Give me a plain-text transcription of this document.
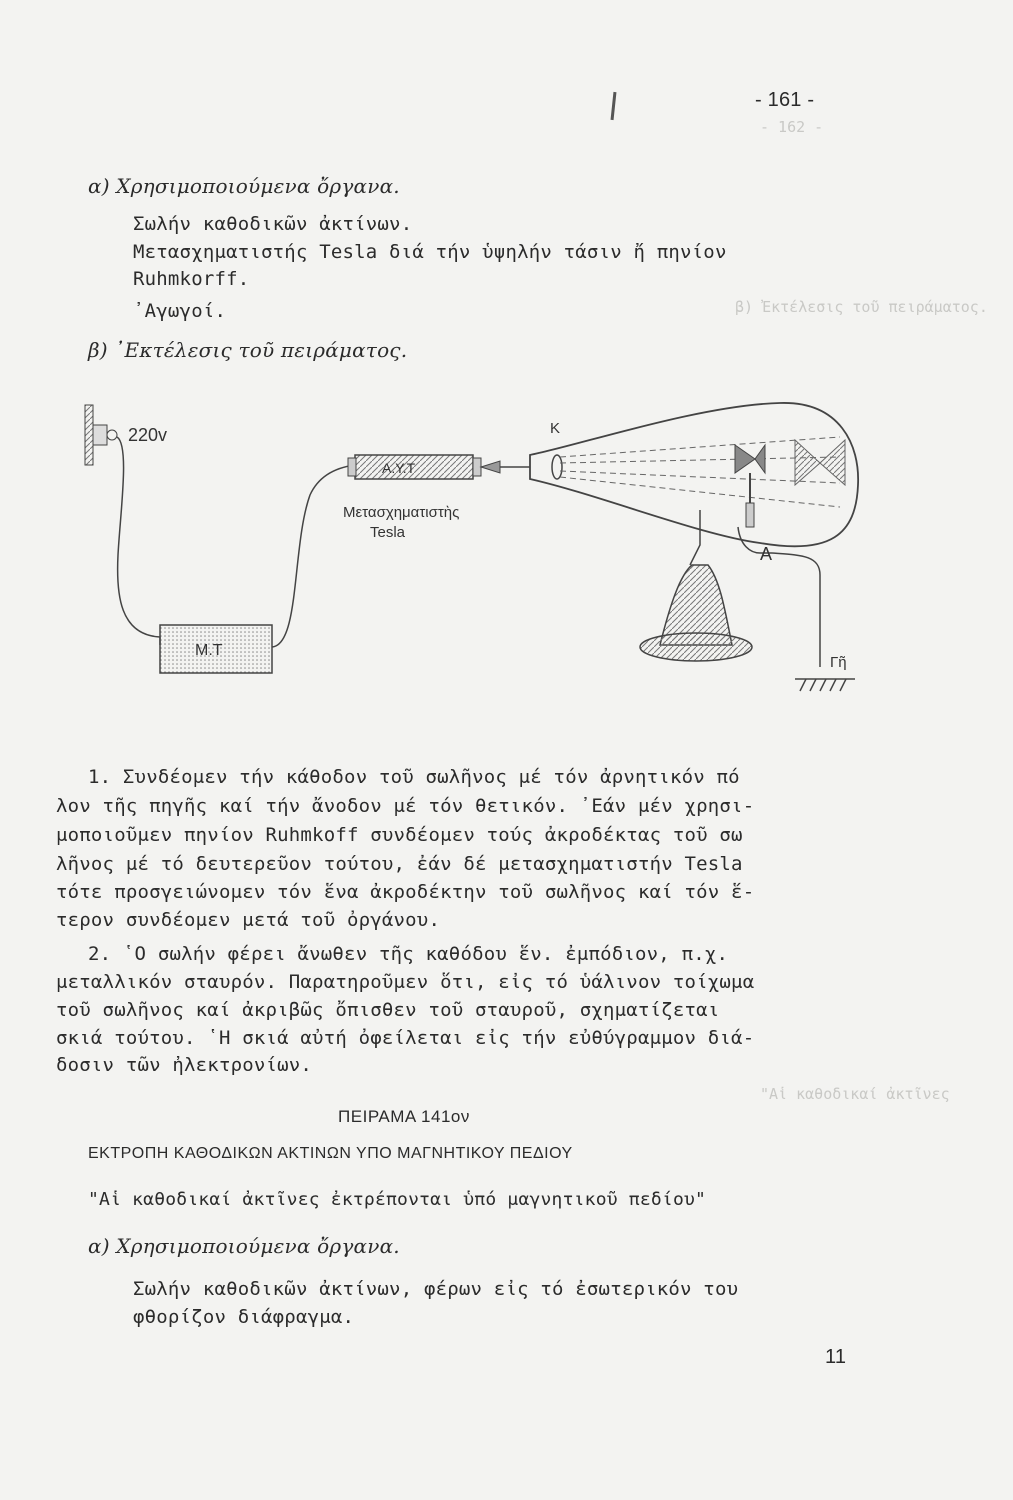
- 162 -
β) Ἐκτέλεσις τοῦ πειράματος.
"Αἱ καθοδικαί ἀκτῖνες
- 161 -
α) Χρησιμοποιούμενα ὄργανα.
Σωλήν καθοδικῶν ἀκτίνων.
Μετασχηματιστής Tesla διά τήν ὑψηλήν τάσιν ἤ πηνίον
Ruhmkorff.
᾽Αγωγοί.
β) ᾽Εκτέλεσις τοῦ πειράματος.
220v
Μ.Τ
Α.Υ.Τ
Μετασχηματιστὴς
Tesla
Κ
Α
Γῆ
1. Συνδέομεν τήν κάθοδον τοῦ σωλῆνος μέ τόν ἀρνητικόν πό
λον τῆς πηγῆς καί τήν ἄνοδον μέ τόν θετικόν. ᾽Εάν μέν χρησι-
μοποιοῦμεν πηνίον Ruhmkoff συνδέομεν τούς ἀκροδέκτας τοῦ σω
λῆνος μέ τό δευτερεῦον τούτου, ἐάν δέ μετασχηματιστήν Tesla
τότε προσγειώνομεν τόν ἕνα ἀκροδέκτην τοῦ σωλῆνος καί τόν ἕ-
τερον συνδέομεν μετά τοῦ ὀργάνου.
2. ῾Ο σωλήν φέρει ἄνωθεν τῆς καθόδου ἕν. ἐμπόδιον, π.χ.
μεταλλικόν σταυρόν. Παρατηροῦμεν ὅτι, εἰς τό ὑάλινον τοίχωμα
τοῦ σωλῆνος καί ἀκριβῶς ὄπισθεν τοῦ σταυροῦ, σχηματίζεται
σκιά τούτου. ῾Η σκιά αὐτή ὀφείλεται εἰς τήν εὐθύγραμμον διά-
δοσιν τῶν ἠλεκτρονίων.
ΠΕΙΡΑΜΑ 141ον
ΕΚΤΡΟΠΗ ΚΑΘΟΔΙΚΩΝ ΑΚΤΙΝΩΝ ΥΠΟ ΜΑΓΝΗΤΙΚΟΥ ΠΕΔΙΟΥ
"Αἱ καθοδικαί ἀκτῖνες ἐκτρέπονται ὑπό μαγνητικοῦ πεδίου"
α) Χρησιμοποιούμενα ὄργανα.
Σωλήν καθοδικῶν ἀκτίνων, φέρων εἰς τό ἐσωτερικόν του
φθορίζον διάφραγμα.
11
